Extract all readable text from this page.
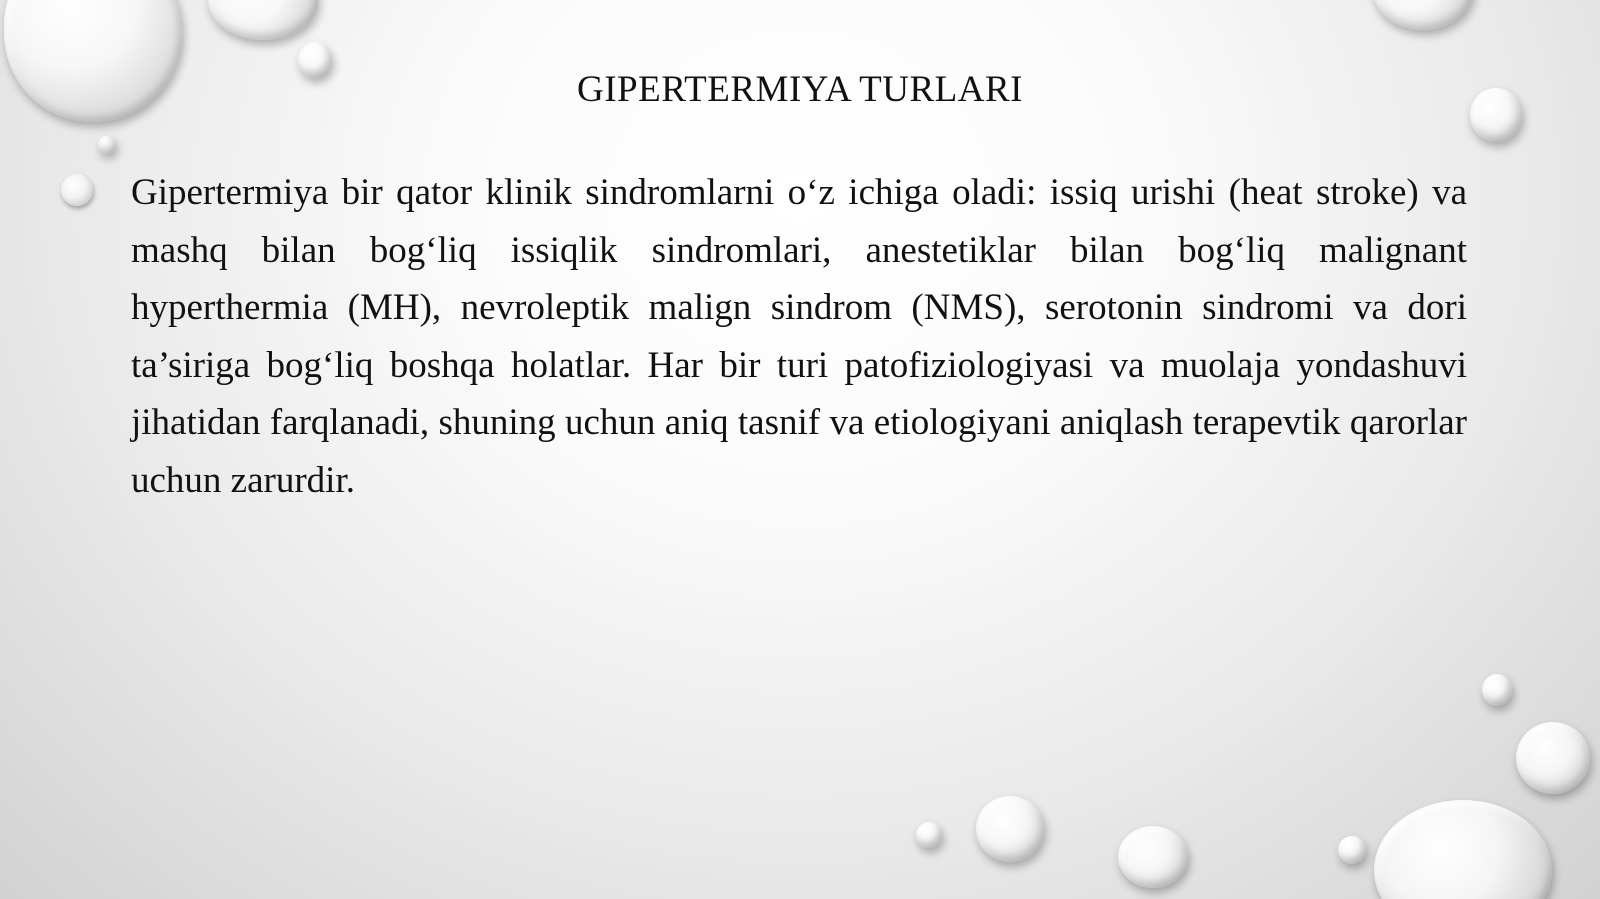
GIPERTERMIYA TURLARI
Gipertermiya bir qator klinik sindromlarni o‘z ichiga oladi: issiq urishi (heat stroke) va mashq bilan bog‘liq issiqlik sindromlari, anestetiklar bilan bog‘liq malignant hyperthermia (MH), nevroleptik malign sindrom (NMS), serotonin sindromi va dori ta’siriga bog‘liq boshqa holatlar. Har bir turi patofiziologiyasi va muolaja yondashuvi jihatidan farqlanadi, shuning uchun aniq tasnif va etiologiyani aniqlash terapevtik qarorlar uchun zarurdir.
